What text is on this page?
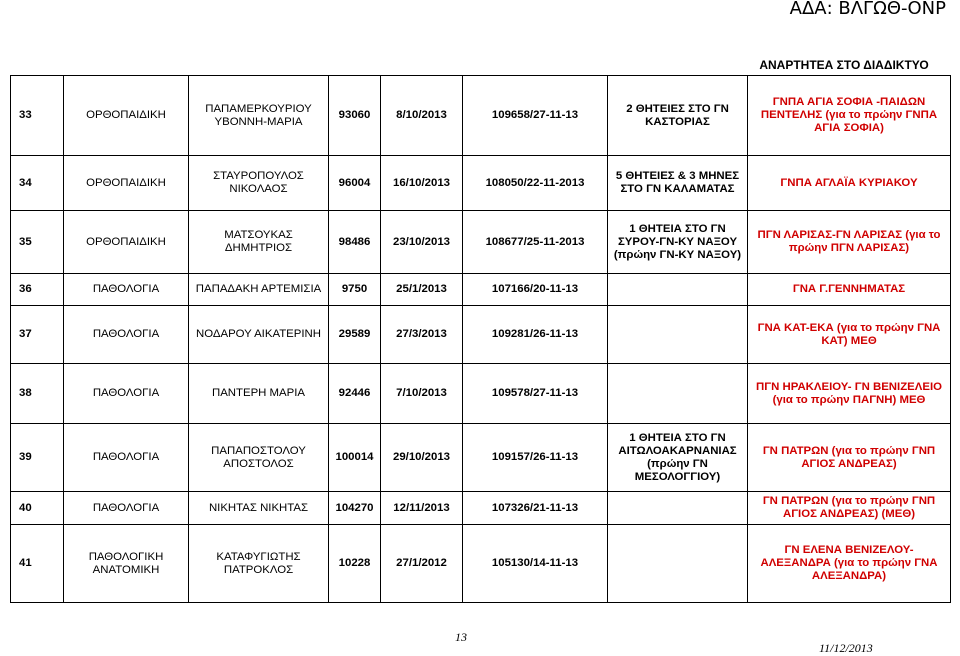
ΑΔΑ: ΒΛΓΩΘ-ΟΝΡ
ΑΝΑΡΤΗΤΕΑ ΣΤΟ ΔΙΑΔΙΚΤΥΟ
33	ΟΡΘΟΠΑΙΔΙΚΗ	ΠΑΠΑΜΕΡΚΟΥΡΙΟΥ ΥΒΟΝΝΗ-ΜΑΡΙΑ	93060	8/10/2013	109658/27-11-13	2 ΘΗΤΕΙΕΣ ΣΤΟ ΓΝ ΚΑΣΤΟΡΙΑΣ	ΓΝΠΑ ΑΓΙΑ ΣΟΦΙΑ -ΠΑΙΔΩΝ ΠΕΝΤΕΛΗΣ (για το πρώην ΓΝΠΑ ΑΓΙΑ ΣΟΦΙΑ)
34	ΟΡΘΟΠΑΙΔΙΚΗ	ΣΤΑΥΡΟΠΟΥΛΟΣ ΝΙΚΟΛΑΟΣ	96004	16/10/2013	108050/22-11-2013	5 ΘΗΤΕΙΕΣ & 3 ΜΗΝΕΣ ΣΤΟ ΓΝ ΚΑΛΑΜΑΤΑΣ	ΓΝΠΑ ΑΓΛΑΪΑ ΚΥΡΙΑΚΟΥ
35	ΟΡΘΟΠΑΙΔΙΚΗ	ΜΑΤΣΟΥΚΑΣ ΔΗΜΗΤΡΙΟΣ	98486	23/10/2013	108677/25-11-2013	1 ΘΗΤΕΙΑ ΣΤΟ ΓΝ ΣΥΡΟΥ-ΓΝ-ΚΥ ΝΑΞΟΥ (πρώην ΓΝ-ΚΥ ΝΑΞΟΥ)	ΠΓΝ ΛΑΡΙΣΑΣ-ΓΝ ΛΑΡΙΣΑΣ (για το πρώην ΠΓΝ ΛΑΡΙΣΑΣ)
36	ΠΑΘΟΛΟΓΙΑ	ΠΑΠΑΔΑΚΗ ΑΡΤΕΜΙΣΙΑ	9750	25/1/2013	107166/20-11-13		ΓΝΑ Γ.ΓΕΝΝΗΜΑΤΑΣ
37	ΠΑΘΟΛΟΓΙΑ	ΝΟΔΑΡΟΥ ΑΙΚΑΤΕΡΙΝΗ	29589	27/3/2013	109281/26-11-13		ΓΝΑ ΚΑΤ-ΕΚΑ (για το πρώην ΓΝΑ ΚΑΤ) ΜΕΘ
38	ΠΑΘΟΛΟΓΙΑ	ΠΑΝΤΕΡΗ ΜΑΡΙΑ	92446	7/10/2013	109578/27-11-13		ΠΓΝ ΗΡΑΚΛΕΙΟΥ- ΓΝ ΒΕΝΙΖΕΛΕΙΟ (για το πρώην ΠΑΓΝΗ) ΜΕΘ
39	ΠΑΘΟΛΟΓΙΑ	ΠΑΠΑΠΟΣΤΟΛΟΥ ΑΠΟΣΤΟΛΟΣ	100014	29/10/2013	109157/26-11-13	1 ΘΗΤΕΙΑ ΣΤΟ ΓΝ ΑΙΤΩΛΟΑΚΑΡΝΑΝΙΑΣ (πρώην ΓΝ ΜΕΣΟΛΟΓΓΙΟΥ)	ΓΝ ΠΑΤΡΩΝ (για το πρώην ΓΝΠ ΑΓΙΟΣ ΑΝΔΡΕΑΣ)
40	ΠΑΘΟΛΟΓΙΑ	ΝΙΚΗΤΑΣ ΝΙΚΗΤΑΣ	104270	12/11/2013	107326/21-11-13		ΓΝ ΠΑΤΡΩΝ (για το πρώην ΓΝΠ ΑΓΙΟΣ ΑΝΔΡΕΑΣ) (ΜΕΘ)
41	ΠΑΘΟΛΟΓΙΚΗ ΑΝΑΤΟΜΙΚΗ	ΚΑΤΑΦΥΓΙΩΤΗΣ ΠΑΤΡΟΚΛΟΣ	10228	27/1/2012	105130/14-11-13		ΓΝ ΕΛΕΝΑ ΒΕΝΙΖΕΛΟΥ-ΑΛΕΞΑΝΔΡΑ (για το πρώην ΓΝΑ ΑΛΕΞΑΝΔΡΑ)
13
11/12/2013
